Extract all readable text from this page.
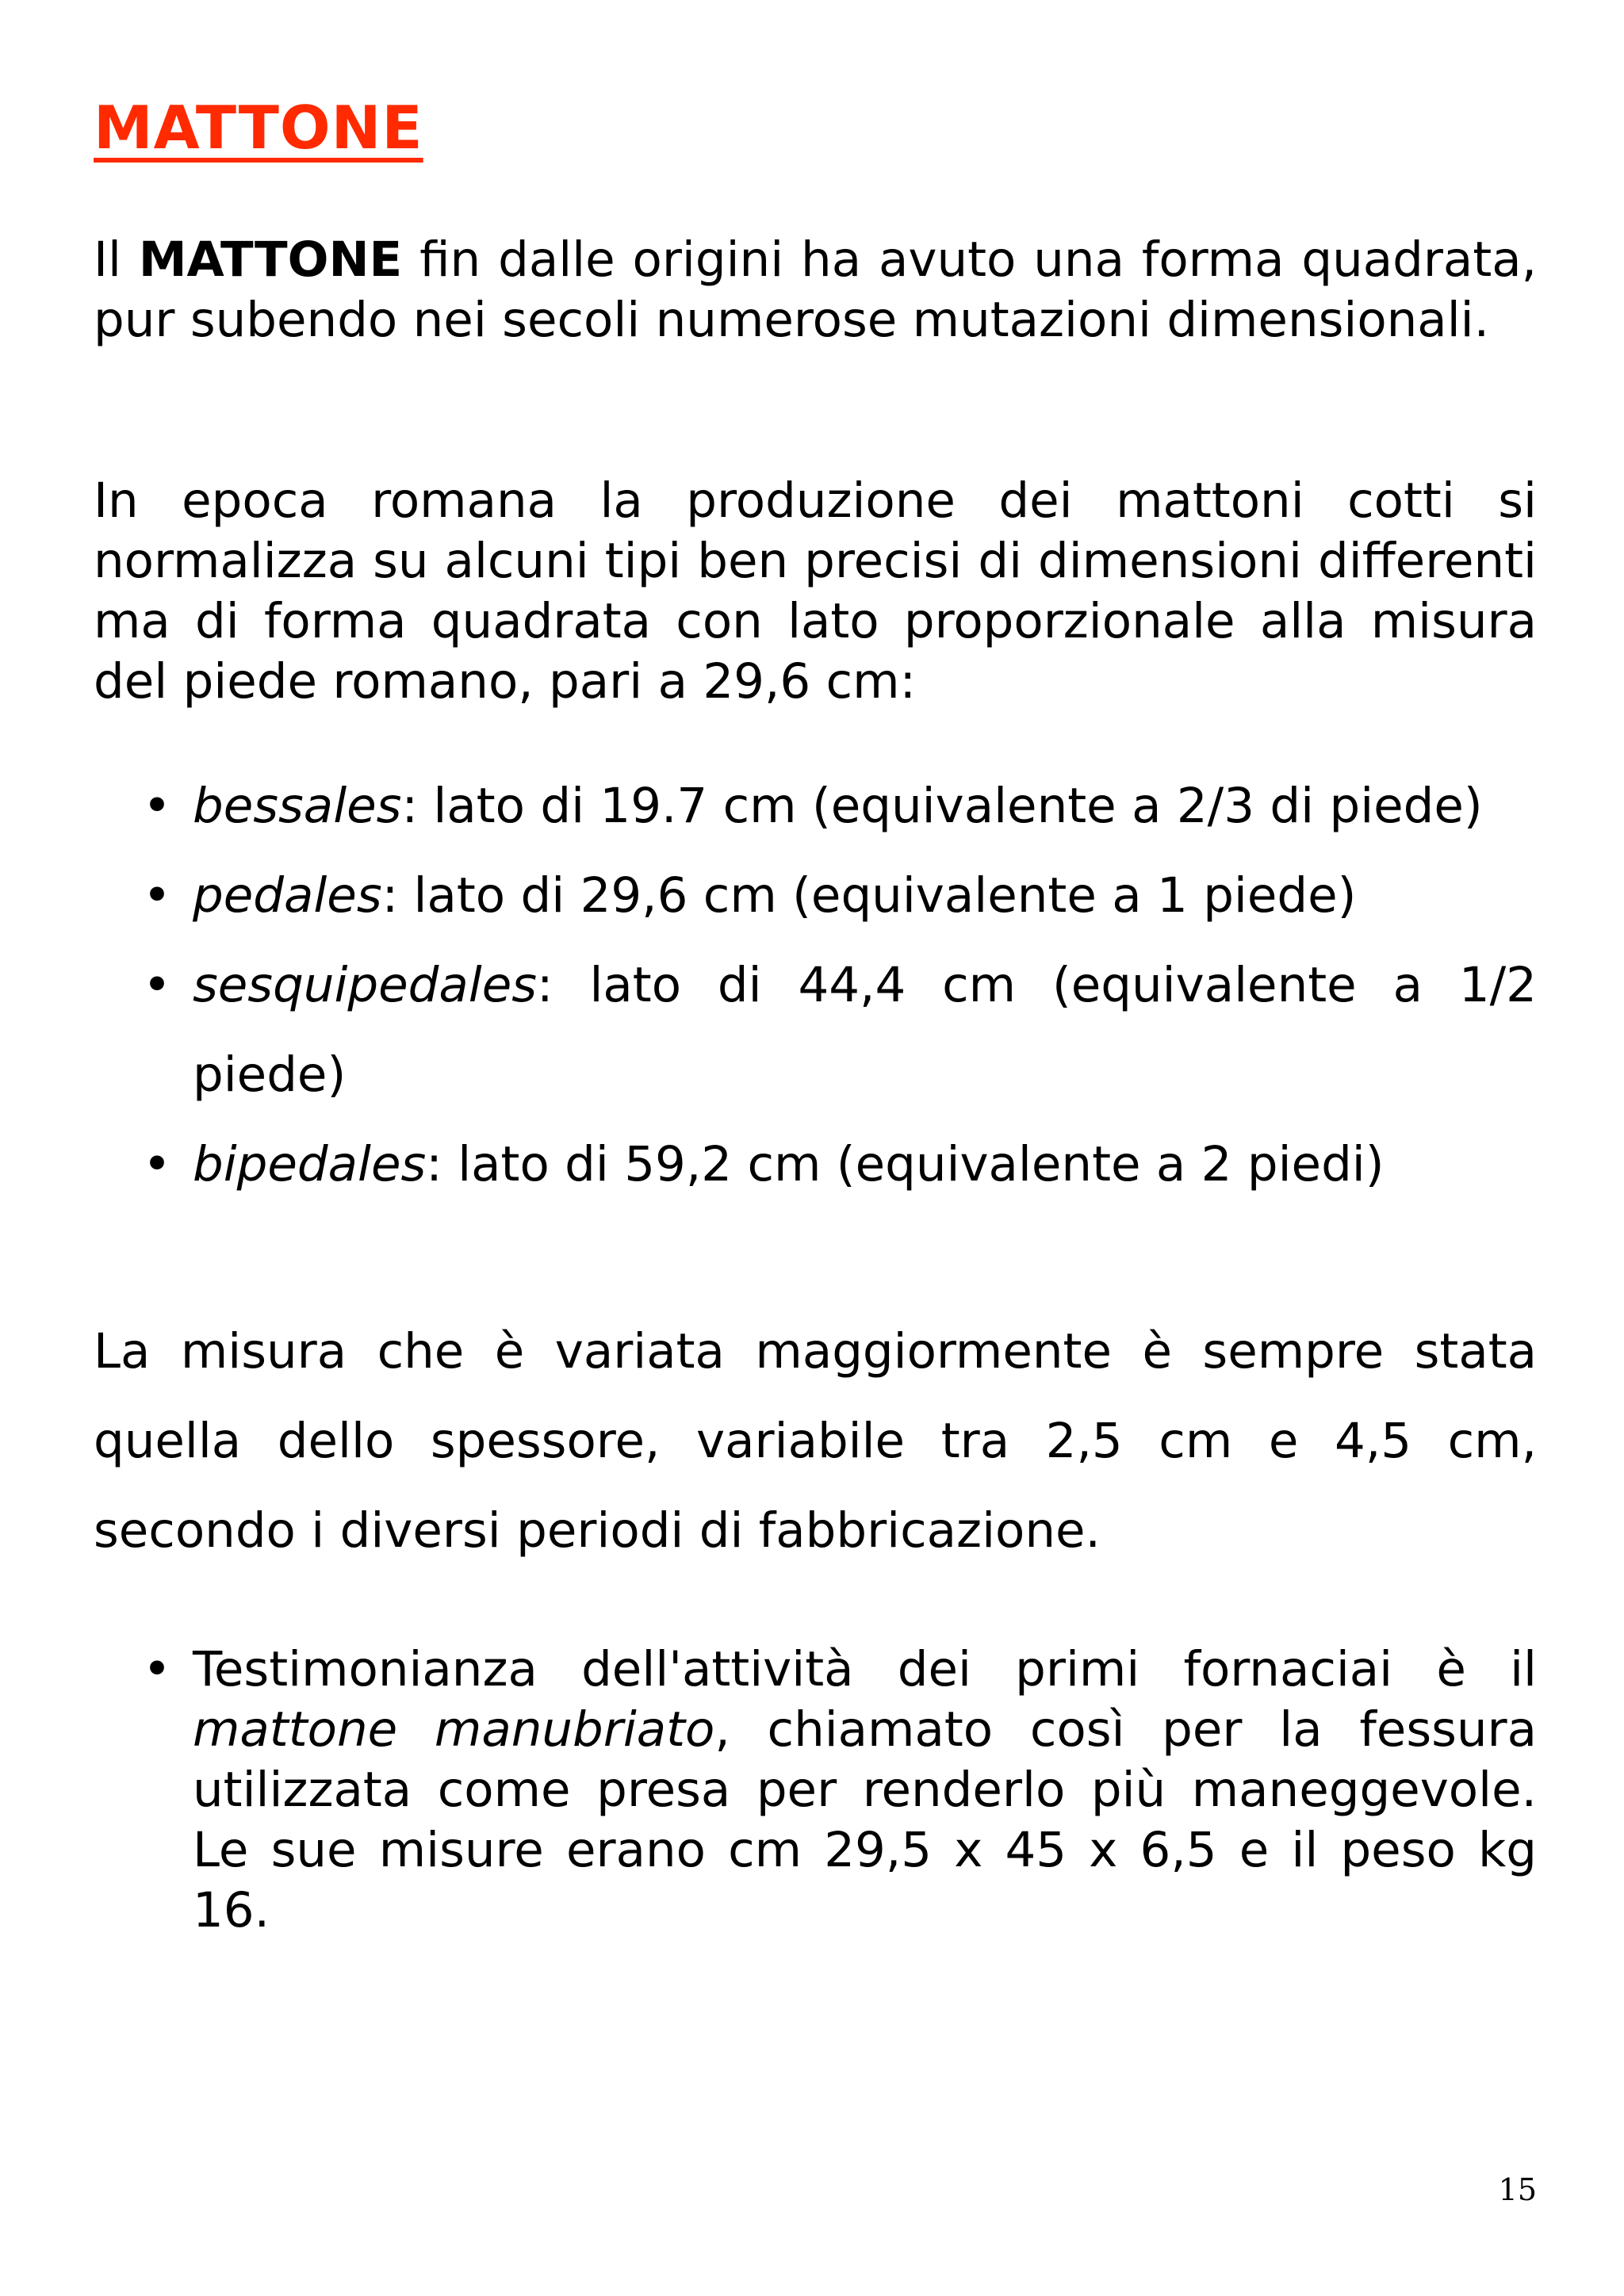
MATTONE

Il MATTONE fin dalle origini ha avuto una forma quadrata, pur subendo nei secoli numerose mutazioni dimensionali.

In epoca romana la produzione dei mattoni cotti si normalizza su alcuni tipi ben precisi di dimensioni differenti ma di forma quadrata con lato proporzionale alla misura del piede romano, pari a 29,6 cm:

• bessales: lato di 19.7 cm (equivalente a 2/3 di piede)
• pedales: lato di 29,6 cm (equivalente a 1 piede)
• sesquipedales: lato di 44,4 cm (equivalente a 1/2 piede)
• bipedales: lato di 59,2 cm (equivalente a 2 piedi)

La misura che è variata maggiormente è sempre stata quella dello spessore, variabile tra 2,5 cm e 4,5 cm, secondo i diversi periodi di fabbricazione.

• Testimonianza dell'attività dei primi fornaciai è il mattone manubriato, chiamato così per la fessura utilizzata come presa per renderlo più maneggevole. Le sue misure erano cm 29,5 x 45 x 6,5 e il peso kg 16.

15
